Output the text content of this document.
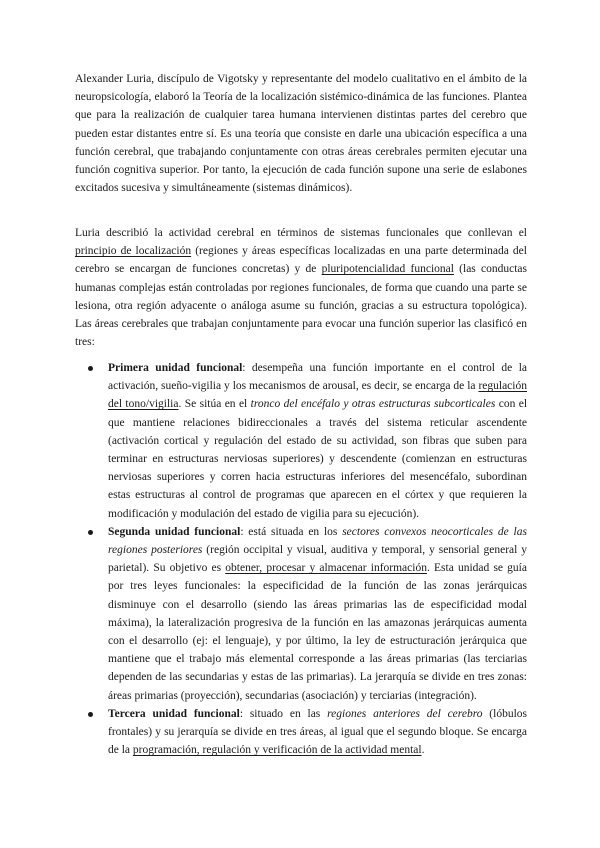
Alexander Luria, discípulo de Vigotsky y representante del modelo cualitativo en el ámbito de la neuropsicología, elaboró la Teoría de la localización sistémico-dinámica de las funciones. Plantea que para la realización de cualquier tarea humana intervienen distintas partes del cerebro que pueden estar distantes entre sí. Es una teoría que consiste en darle una ubicación específica a una función cerebral, que trabajando conjuntamente con otras áreas cerebrales permiten ejecutar una función cognitiva superior. Por tanto, la ejecución de cada función supone una serie de eslabones excitados sucesiva y simultáneamente (sistemas dinámicos).

Luria describió la actividad cerebral en términos de sistemas funcionales que conllevan el principio de localización (regiones y áreas específicas localizadas en una parte determinada del cerebro se encargan de funciones concretas) y de pluripotencialidad funcional (las conductas humanas complejas están controladas por regiones funcionales, de forma que cuando una parte se lesiona, otra región adyacente o análoga asume su función, gracias a su estructura topológica). Las áreas cerebrales que trabajan conjuntamente para evocar una función superior las clasificó en tres:

Primera unidad funcional: desempeña una función importante en el control de la activación, sueño-vigilia y los mecanismos de arousal, es decir, se encarga de la regulación del tono/vigilia. Se sitúa en el tronco del encéfalo y otras estructuras subcorticales con el que mantiene relaciones bidireccionales a través del sistema reticular ascendente (activación cortical y regulación del estado de su actividad, son fibras que suben para terminar en estructuras nerviosas superiores) y descendente (comienzan en estructuras nerviosas superiores y corren hacia estructuras inferiores del mesencéfalo, subordinan estas estructuras al control de programas que aparecen en el córtex y que requieren la modificación y modulación del estado de vigilia para su ejecución).
Segunda unidad funcional: está situada en los sectores convexos neocorticales de las regiones posteriores (región occipital y visual, auditiva y temporal, y sensorial general y parietal). Su objetivo es obtener, procesar y almacenar información. Esta unidad se guía por tres leyes funcionales: la especificidad de la función de las zonas jerárquicas disminuye con el desarrollo (siendo las áreas primarias las de especificidad modal máxima), la lateralización progresiva de la función en las amazonas jerárquicas aumenta con el desarrollo (ej: el lenguaje), y por último, la ley de estructuración jerárquica que mantiene que el trabajo más elemental corresponde a las áreas primarias (las terciarias dependen de las secundarias y estas de las primarias). La jerarquía se divide en tres zonas: áreas primarias (proyección), secundarias (asociación) y terciarias (integración).
Tercera unidad funcional: situado en las regiones anteriores del cerebro (lóbulos frontales) y su jerarquía se divide en tres áreas, al igual que el segundo bloque. Se encarga de la programación, regulación y verificación de la actividad mental.
